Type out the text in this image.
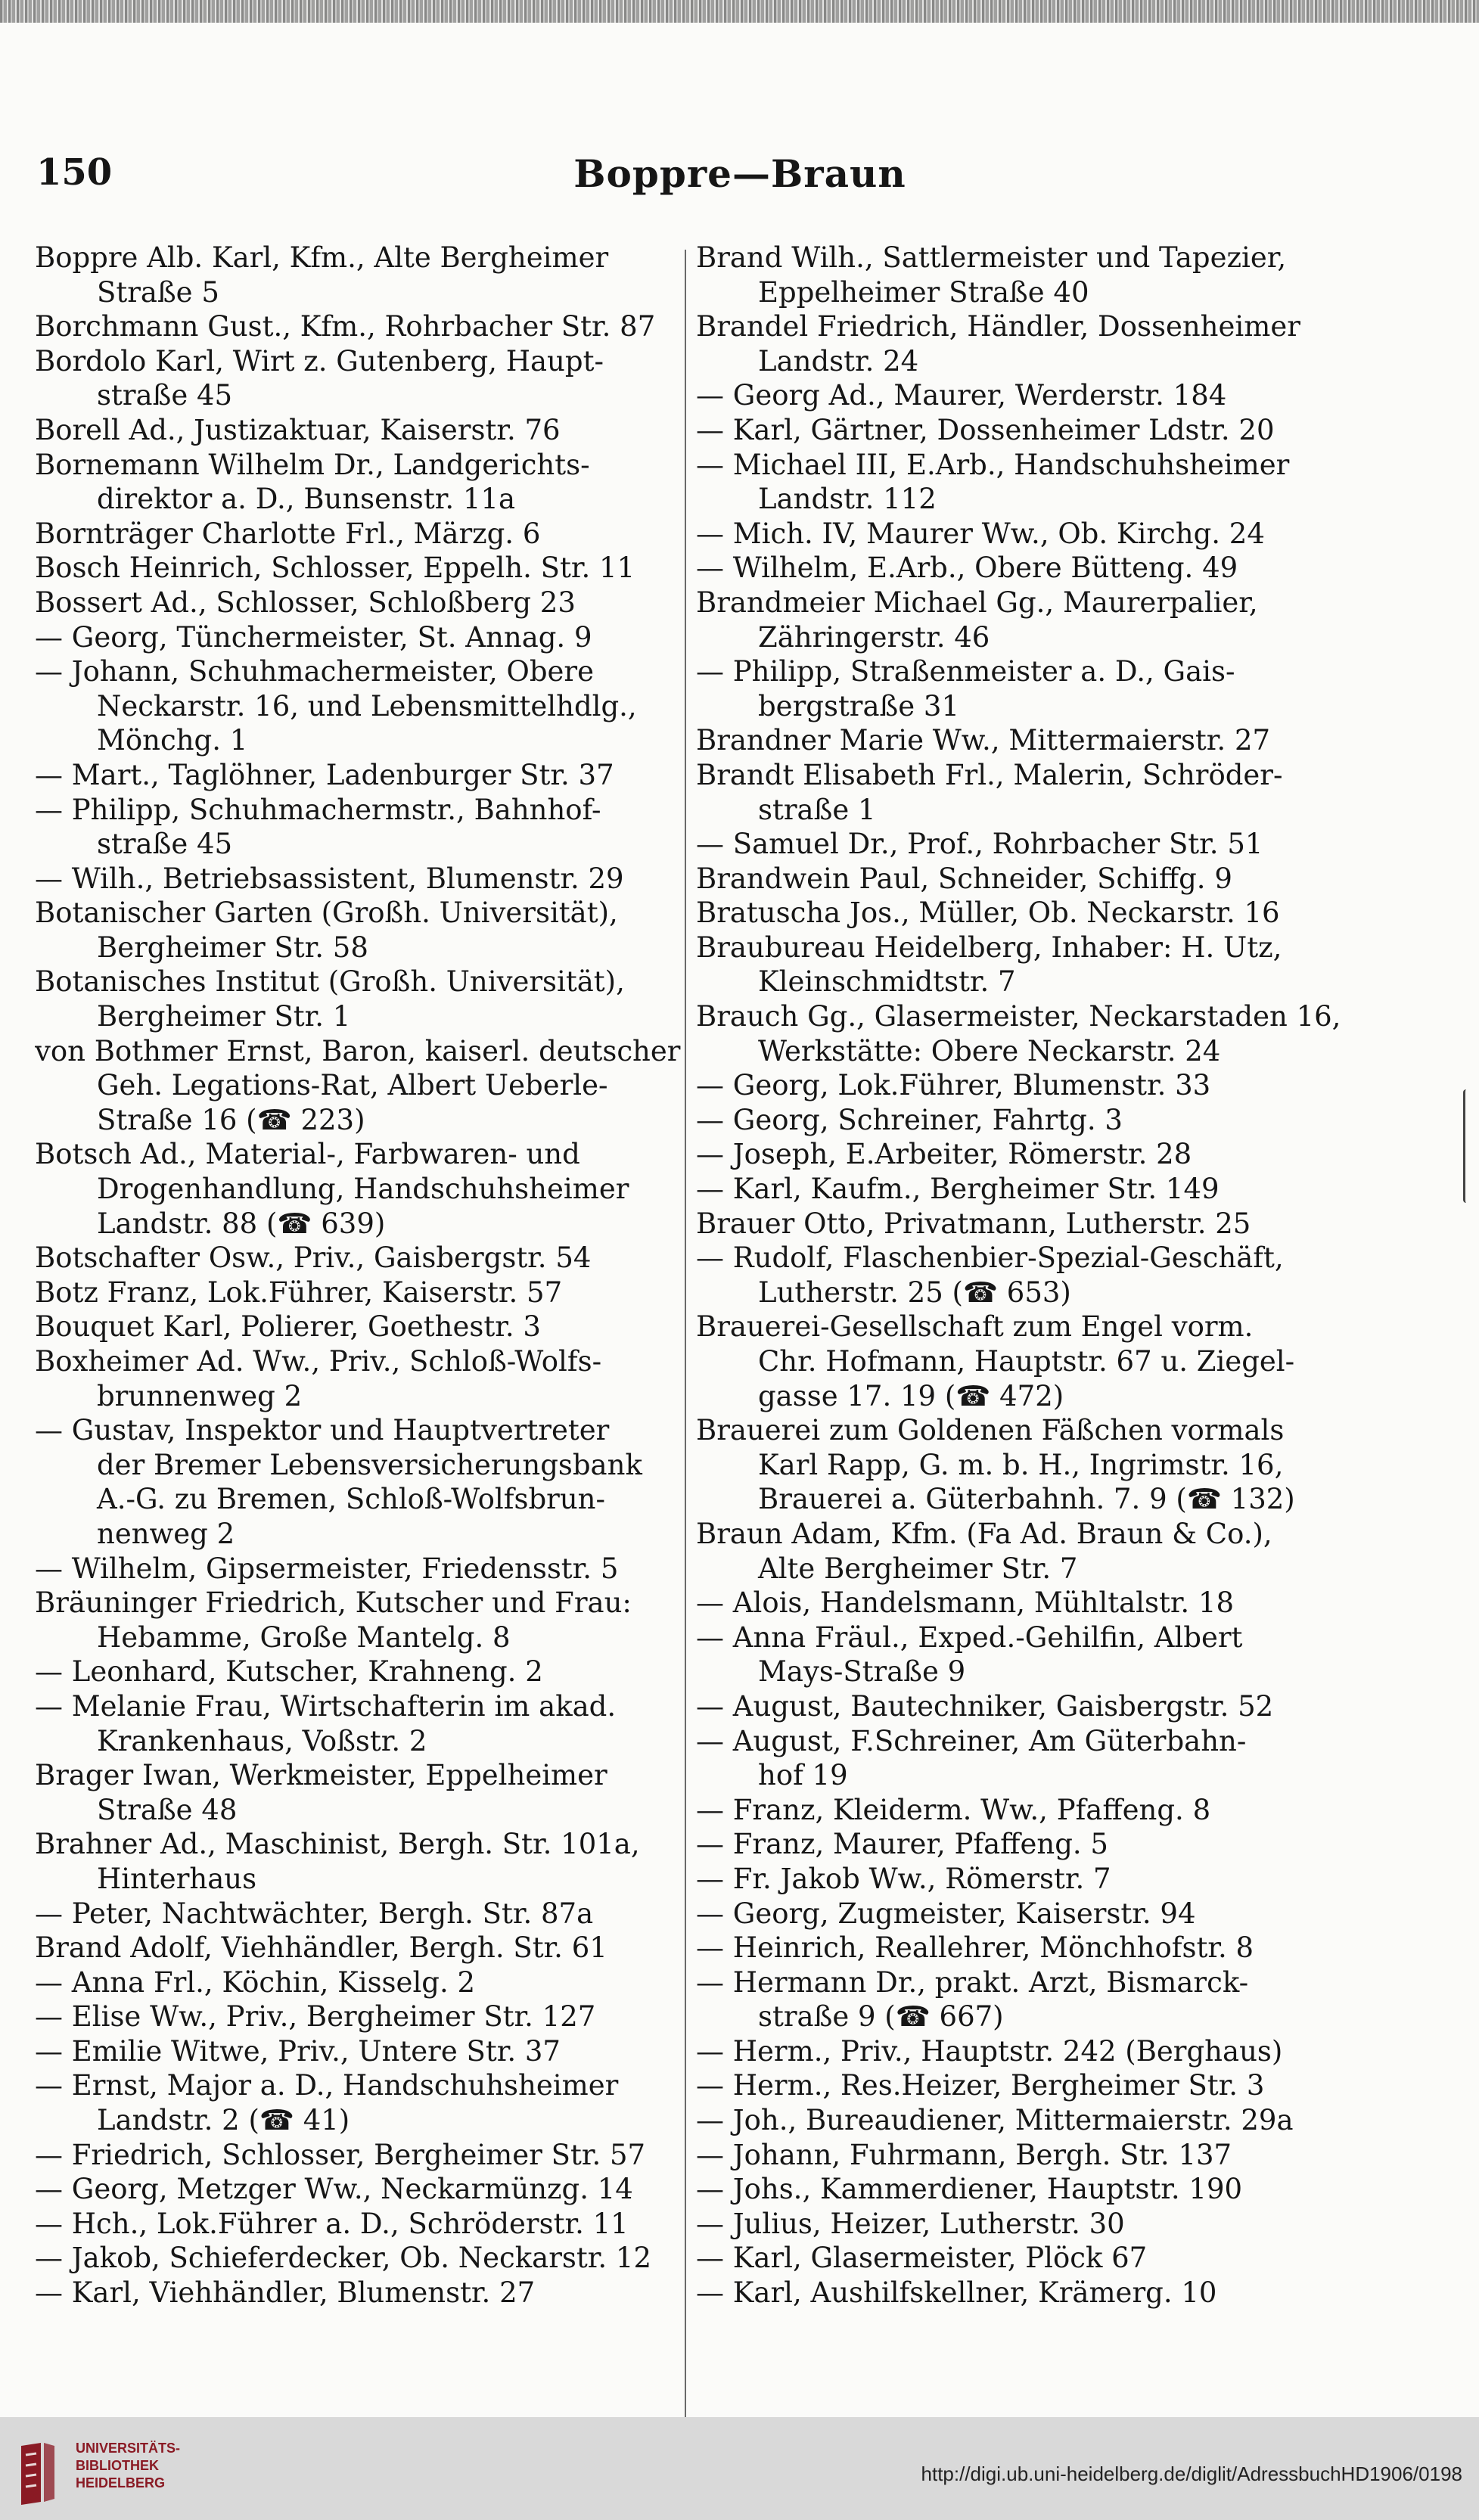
150	Boppre—Braun
Boppre Alb. Karl, Kfm., Alte Bergheimer
Straße 5
Borchmann Gust., Kfm., Rohrbacher Str. 87
Bordolo Karl, Wirt z. Gutenberg, Haupt-
straße 45
Borell Ad., Justizaktuar, Kaiserstr. 76
Bornemann Wilhelm Dr., Landgerichts-
direktor a. D., Bunsenstr. 11a
Bornträger Charlotte Frl., Märzg. 6
Bosch Heinrich, Schlosser, Eppelh. Str. 11
Bossert Ad., Schlosser, Schloßberg 23
— Georg, Tünchermeister, St. Annag. 9
— Johann, Schuhmachermeister, Obere
Neckarstr. 16, und Lebensmittelhdlg.,
Mönchg. 1
— Mart., Taglöhner, Ladenburger Str. 37
— Philipp, Schuhmachermstr., Bahnhof-
straße 45
— Wilh., Betriebsassistent, Blumenstr. 29
Botanischer Garten (Großh. Universität),
Bergheimer Str. 58
Botanisches Institut (Großh. Universität),
Bergheimer Str. 1
von Bothmer Ernst, Baron, kaiserl. deutscher
Geh. Legations-Rat, Albert Ueberle-
Straße 16 (☎ 223)
Botsch Ad., Material-, Farbwaren- und
Drogenhandlung, Handschuhsheimer
Landstr. 88 (☎ 639)
Botschafter Osw., Priv., Gaisbergstr. 54
Botz Franz, Lok.Führer, Kaiserstr. 57
Bouquet Karl, Polierer, Goethestr. 3
Boxheimer Ad. Ww., Priv., Schloß-Wolfs-
brunnenweg 2
— Gustav, Inspektor und Hauptvertreter
der Bremer Lebensversicherungsbank
A.-G. zu Bremen, Schloß-Wolfsbrun-
nenweg 2
— Wilhelm, Gipsermeister, Friedensstr. 5
Bräuninger Friedrich, Kutscher und Frau:
Hebamme, Große Mantelg. 8
— Leonhard, Kutscher, Krahneng. 2
— Melanie Frau, Wirtschafterin im akad.
Krankenhaus, Voßstr. 2
Brager Iwan, Werkmeister, Eppelheimer
Straße 48
Brahner Ad., Maschinist, Bergh. Str. 101a,
Hinterhaus
— Peter, Nachtwächter, Bergh. Str. 87a
Brand Adolf, Viehhändler, Bergh. Str. 61
— Anna Frl., Köchin, Kisselg. 2
— Elise Ww., Priv., Bergheimer Str. 127
— Emilie Witwe, Priv., Untere Str. 37
— Ernst, Major a. D., Handschuhsheimer
Landstr. 2 (☎ 41)
— Friedrich, Schlosser, Bergheimer Str. 57
— Georg, Metzger Ww., Neckarmünzg. 14
— Hch., Lok.Führer a. D., Schröderstr. 11
— Jakob, Schieferdecker, Ob. Neckarstr. 12
— Karl, Viehhändler, Blumenstr. 27
Brand Wilh., Sattlermeister und Tapezier,
Eppelheimer Straße 40
Brandel Friedrich, Händler, Dossenheimer
Landstr. 24
— Georg Ad., Maurer, Werderstr. 184
— Karl, Gärtner, Dossenheimer Ldstr. 20
— Michael III, E.Arb., Handschuhsheimer
Landstr. 112
— Mich. IV, Maurer Ww., Ob. Kirchg. 24
— Wilhelm, E.Arb., Obere Bütteng. 49
Brandmeier Michael Gg., Maurerpalier,
Zähringerstr. 46
— Philipp, Straßenmeister a. D., Gais-
bergstraße 31
Brandner Marie Ww., Mittermaierstr. 27
Brandt Elisabeth Frl., Malerin, Schröder-
straße 1
— Samuel Dr., Prof., Rohrbacher Str. 51
Brandwein Paul, Schneider, Schiffg. 9
Bratuscha Jos., Müller, Ob. Neckarstr. 16
Braubureau Heidelberg, Inhaber: H. Utz,
Kleinschmidtstr. 7
Brauch Gg., Glasermeister, Neckarstaden 16,
Werkstätte: Obere Neckarstr. 24
— Georg, Lok.Führer, Blumenstr. 33
— Georg, Schreiner, Fahrtg. 3
— Joseph, E.Arbeiter, Römerstr. 28
— Karl, Kaufm., Bergheimer Str. 149
Brauer Otto, Privatmann, Lutherstr. 25
— Rudolf, Flaschenbier-Spezial-Geschäft,
Lutherstr. 25 (☎ 653)
Brauerei-Gesellschaft zum Engel vorm.
Chr. Hofmann, Hauptstr. 67 u. Ziegel-
gasse 17. 19 (☎ 472)
Brauerei zum Goldenen Fäßchen vormals
Karl Rapp, G. m. b. H., Ingrimstr. 16,
Brauerei a. Güterbahnh. 7. 9 (☎ 132)
Braun Adam, Kfm. (Fa Ad. Braun & Co.),
Alte Bergheimer Str. 7
— Alois, Handelsmann, Mühltalstr. 18
— Anna Fräul., Exped.-Gehilfin, Albert
Mays-Straße 9
— August, Bautechniker, Gaisbergstr. 52
— August, F.Schreiner, Am Güterbahn-
hof 19
— Franz, Kleiderm. Ww., Pfaffeng. 8
— Franz, Maurer, Pfaffeng. 5
— Fr. Jakob Ww., Römerstr. 7
— Georg, Zugmeister, Kaiserstr. 94
— Heinrich, Reallehrer, Mönchhofstr. 8
— Hermann Dr., prakt. Arzt, Bismarck-
straße 9 (☎ 667)
— Herm., Priv., Hauptstr. 242 (Berghaus)
— Herm., Res.Heizer, Bergheimer Str. 3
— Joh., Bureaudiener, Mittermaierstr. 29a
— Johann, Fuhrmann, Bergh. Str. 137
— Johs., Kammerdiener, Hauptstr. 190
— Julius, Heizer, Lutherstr. 30
— Karl, Glasermeister, Plöck 67
— Karl, Aushilfskellner, Krämerg. 10
UNIVERSITÄTS-
BIBLIOTHEK
HEIDELBERG	http://digi.ub.uni-heidelberg.de/diglit/AdressbuchHD1906/0198
